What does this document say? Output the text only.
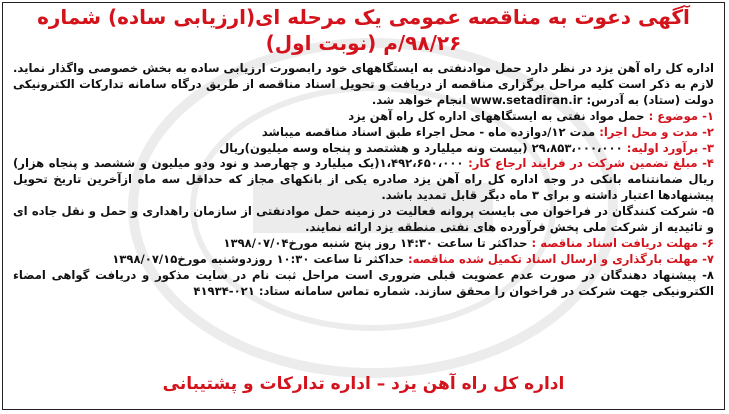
آگهی دعوت به مناقصه عمومی یک مرحله ای(ارزیابی ساده) شماره ۹۸/۲۶/م (نوبت اول)

اداره کل راه آهن یزد در نظر دارد حمل موادنفتی به ایستگاههای خود رابصورت ارزیابی ساده به بخش خصوصی واگذار نماید. لازم به ذکر است کلیه مراحل برگزاری مناقصه از دریافت و تحویل اسناد مناقصه از طریق درگاه سامانه تدارکات الکترونیکی دولت (ستاد) به آدرس: www.setadiran.ir انجام خواهد شد.

۱- موضوع : حمل مواد نفتی به ایستگاههای اداره کل راه آهن یزد

۲- مدت و محل اجرا: مدت ۱۲/دوازده ماه - محل اجراء طبق اسناد مناقصه میباشد

۳- برآورد اولیه: ۲۹،۸۵۳،۰۰۰،۰۰۰ (بیست ونه میلیارد و هشتصد و پنجاه وسه میلیون)ریال

۴- مبلغ تضمین شرکت در فرایند ارجاع کار: ۱،۴۹۲،۶۵۰،۰۰۰(یک میلیارد و چهارصد و نود ودو میلیون و ششصد و پنجاه هزار) ریال ضمانتنامه بانکی در وجه اداره کل راه آهن یزد صادره یکی از بانکهای مجاز که حداقل سه ماه ازآخرین تاریخ تحویل پیشنهادها اعتبار داشته و برای ۳ ماه دیگر قابل تمدید باشد.

۵- شرکت کنندگان در فراخوان می بایست پروانه فعالیت در زمینه حمل موادنفتی از سازمان راهداری و حمل و نقل جاده ای و تائیدیه از شرکت ملی پخش فرآورده های نفتی منطقه یزد ارائه نمایند.

۶- مهلت دریافت اسناد مناقصه : حداکثر تا ساعت ۱۴:۳۰ روز پنج شنبه مورخ۱۳۹۸/۰۷/۰۴

۷- مهلت بارگذاری و ارسال اسناد تکمیل شده مناقصه: حداکثر تا ساعت ۱۰:۳۰ روزدوشنبه مورخ۱۳۹۸/۰۷/۱۵

۸- پیشنهاد دهندگان در صورت عدم عضویت قبلی ضروری است مراحل ثبت نام در سایت مذکور و دریافت گواهی امضاء الکترونیکی جهت شرکت در فراخوان را محقق سازند. شماره تماس سامانه ستاد: ۰۲۱-۴۱۹۳۴

اداره کل راه آهن یزد – اداره تدارکات و پشتیبانی
